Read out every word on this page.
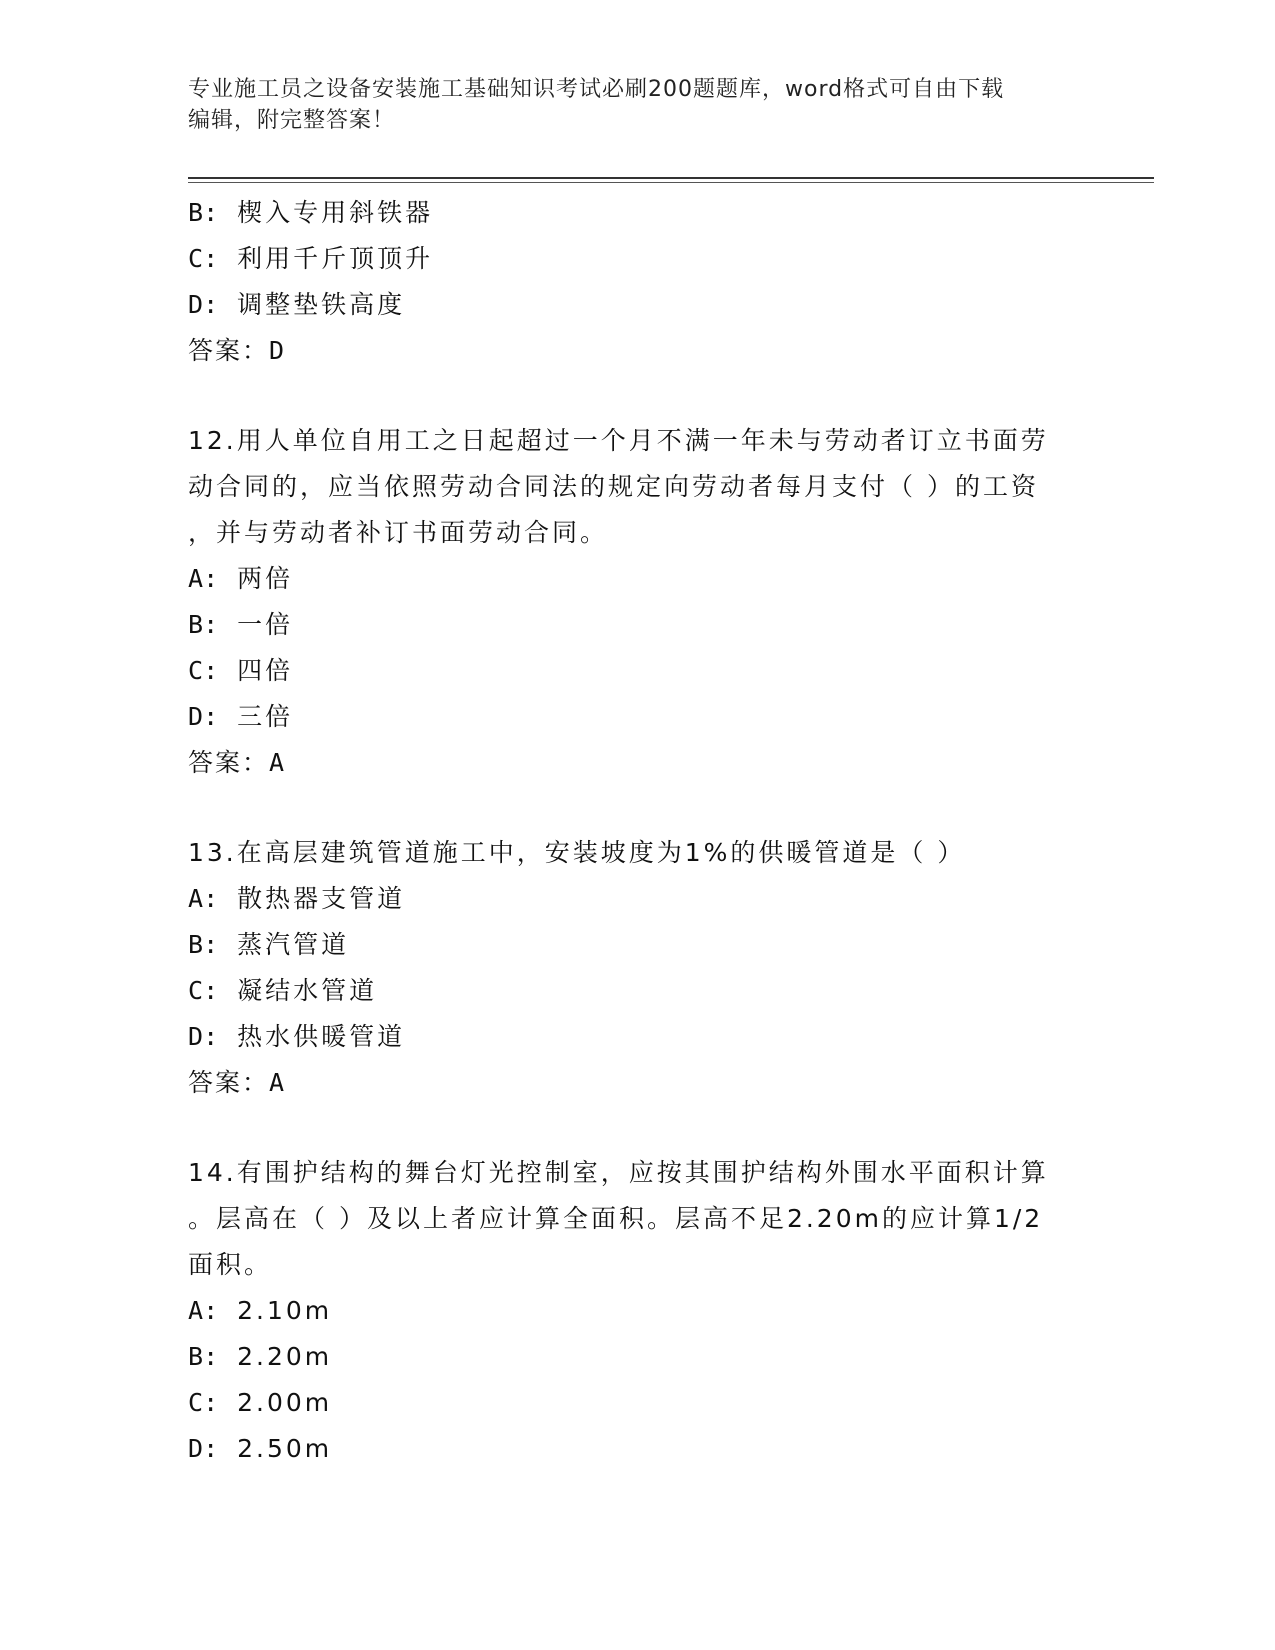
专业施工员之设备安装施工基础知识考试必刷200题题库，word格式可自由下载
编辑，附完整答案！
B: 楔入专用斜铁器
C: 利用千斤顶顶升
D: 调整垫铁高度
答案：D
12.用人单位自用工之日起超过一个月不满一年未与劳动者订立书面劳
动合同的，应当依照劳动合同法的规定向劳动者每月支付（ ）的工资
，并与劳动者补订书面劳动合同。
A: 两倍
B: 一倍
C: 四倍
D: 三倍
答案：A
13.在高层建筑管道施工中，安装坡度为1%的供暖管道是（ ）
A: 散热器支管道
B: 蒸汽管道
C: 凝结水管道
D: 热水供暖管道
答案：A
14.有围护结构的舞台灯光控制室，应按其围护结构外围水平面积计算
。层高在（ ）及以上者应计算全面积。层高不足2.20m的应计算1/2
面积。
A: 2.10m
B: 2.20m
C: 2.00m
D: 2.50m
